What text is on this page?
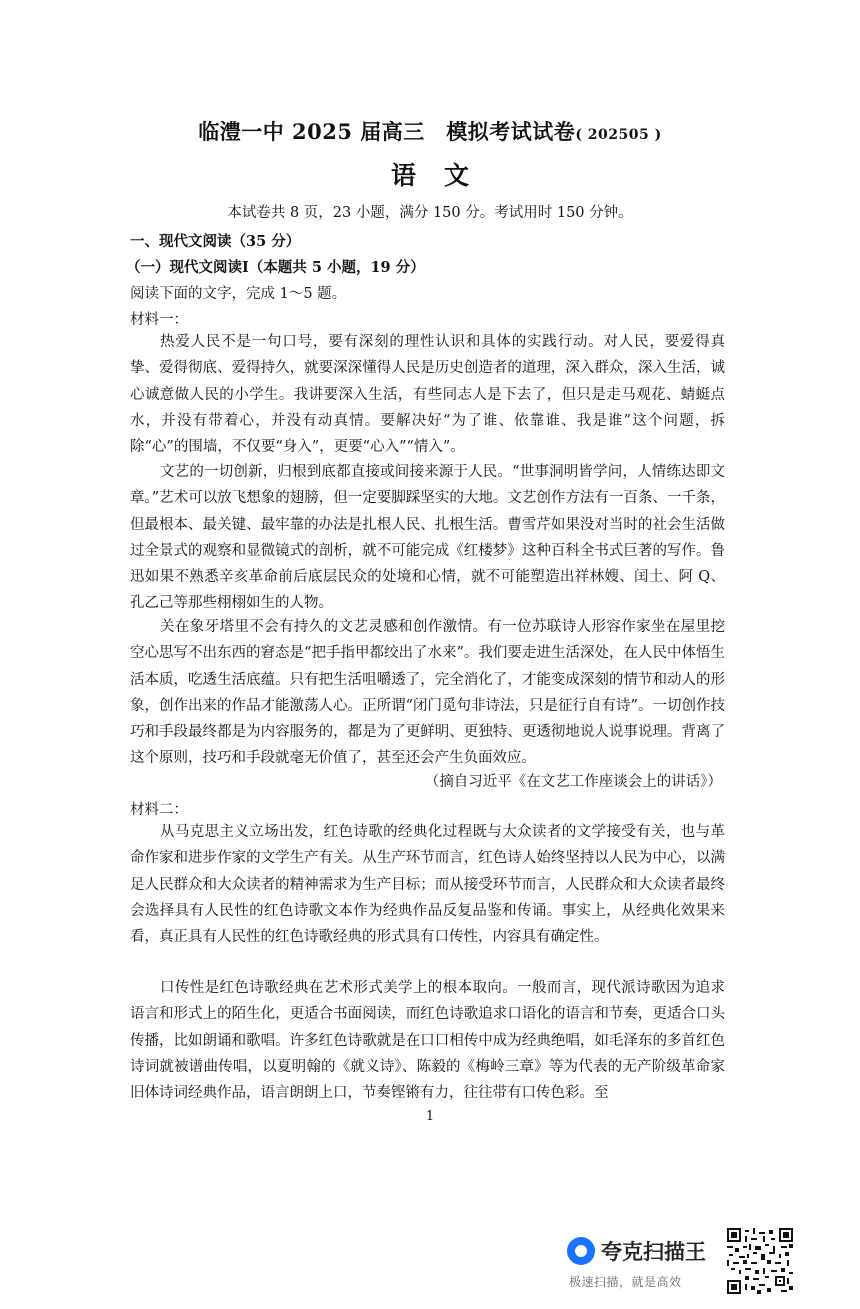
临澧一中 2025 届高三　模拟考试试卷( 202505 )
语文
本试卷共 8 页，23 小题，满分 150 分。考试用时 150 分钟。
一、现代文阅读（35 分）
（一）现代文阅读Ⅰ（本题共 5 小题，19 分）
阅读下面的文字，完成 1～5 题。
材料一：

热爱人民不是一句口号，要有深刻的理性认识和具体的实践行动。对人民，要爱得真挚、爱得彻底、爱得持久，就要深深懂得人民是历史创造者的道理，深入群众，深入生活，诚心诚意做人民的小学生。我讲要深入生活，有些同志人是下去了，但只是走马观花、蜻蜓点水，并没有带着心，并没有动真情。要解决好“为了谁、依靠谁、我是谁”这个问题，拆除“心”的围墙，不仅要“身入”，更要“心入”“情入”。

文艺的一切创新，归根到底都直接或间接来源于人民。“世事洞明皆学问，人情练达即文章。”艺术可以放飞想象的翅膀，但一定要脚踩坚实的大地。文艺创作方法有一百条、一千条，但最根本、最关键、最牢靠的办法是扎根人民、扎根生活。曹雪芹如果没对当时的社会生活做过全景式的观察和显微镜式的剖析，就不可能完成《红楼梦》这种百科全书式巨著的写作。鲁迅如果不熟悉辛亥革命前后底层民众的处境和心情，就不可能塑造出祥林嫂、闰土、阿 Q、孔乙己等那些栩栩如生的人物。

关在象牙塔里不会有持久的文艺灵感和创作激情。有一位苏联诗人形容作家坐在屋里挖空心思写不出东西的窘态是“把手指甲都绞出了水来”。我们要走进生活深处，在人民中体悟生活本质，吃透生活底蕴。只有把生活咀嚼透了，完全消化了，才能变成深刻的情节和动人的形象，创作出来的作品才能激荡人心。正所谓“闭门觅句非诗法，只是征行自有诗”。一切创作技巧和手段最终都是为内容服务的，都是为了更鲜明、更独特、更透彻地说人说事说理。背离了这个原则，技巧和手段就毫无价值了，甚至还会产生负面效应。

（摘自习近平《在文艺工作座谈会上的讲话》）
材料二：

从马克思主义立场出发，红色诗歌的经典化过程既与大众读者的文学接受有关，也与革命作家和进步作家的文学生产有关。从生产环节而言，红色诗人始终坚持以人民为中心，以满足人民群众和大众读者的精神需求为生产目标；而从接受环节而言，人民群众和大众读者最终会选择具有人民性的红色诗歌文本作为经典作品反复品鉴和传诵。事实上，从经典化效果来看，真正具有人民性的红色诗歌经典的形式具有口传性，内容具有确定性。

口传性是红色诗歌经典在艺术形式美学上的根本取向。一般而言，现代派诗歌因为追求语言和形式上的陌生化，更适合书面阅读，而红色诗歌追求口语化的语言和节奏，更适合口头传播，比如朗诵和歌唱。许多红色诗歌就是在口口相传中成为经典绝唱，如毛泽东的多首红色诗词就被谱曲传唱，以夏明翰的《就义诗》、陈毅的《梅岭三章》等为代表的无产阶级革命家旧体诗词经典作品，语言朗朗上口，节奏铿锵有力，往往带有口传色彩。至

1
夸克扫描王
极速扫描，就是高效
